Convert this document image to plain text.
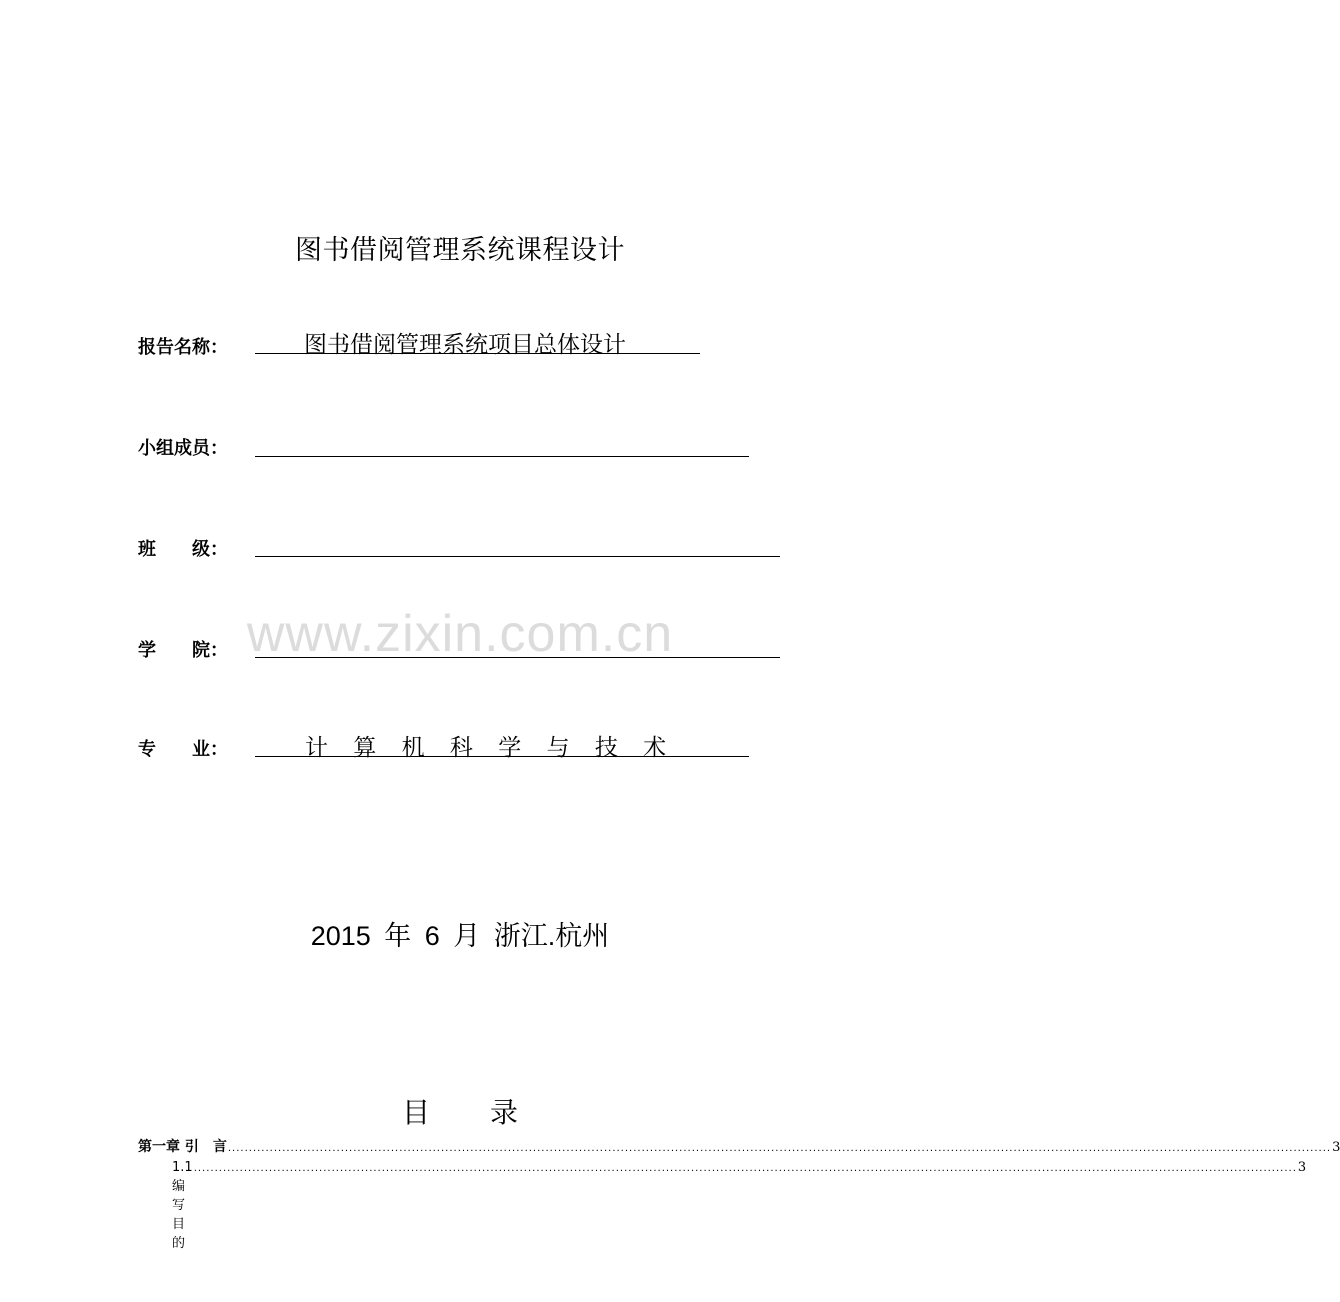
图书借阅管理系统课程设计
报告名称：	图书借阅管理系统项目总体设计
小组成员：
班　　级：
www.zixin.com.cn
学　　院：
专　　业：	计 算 机 科 学 与 技 术
2015 年 6 月 浙江.杭州
目录
第一章 引　言 ........................................................................................................................................................................................................................................................................ 3
1.1 编写目的
........................................................................................................................................................................................................................................................................ 3
